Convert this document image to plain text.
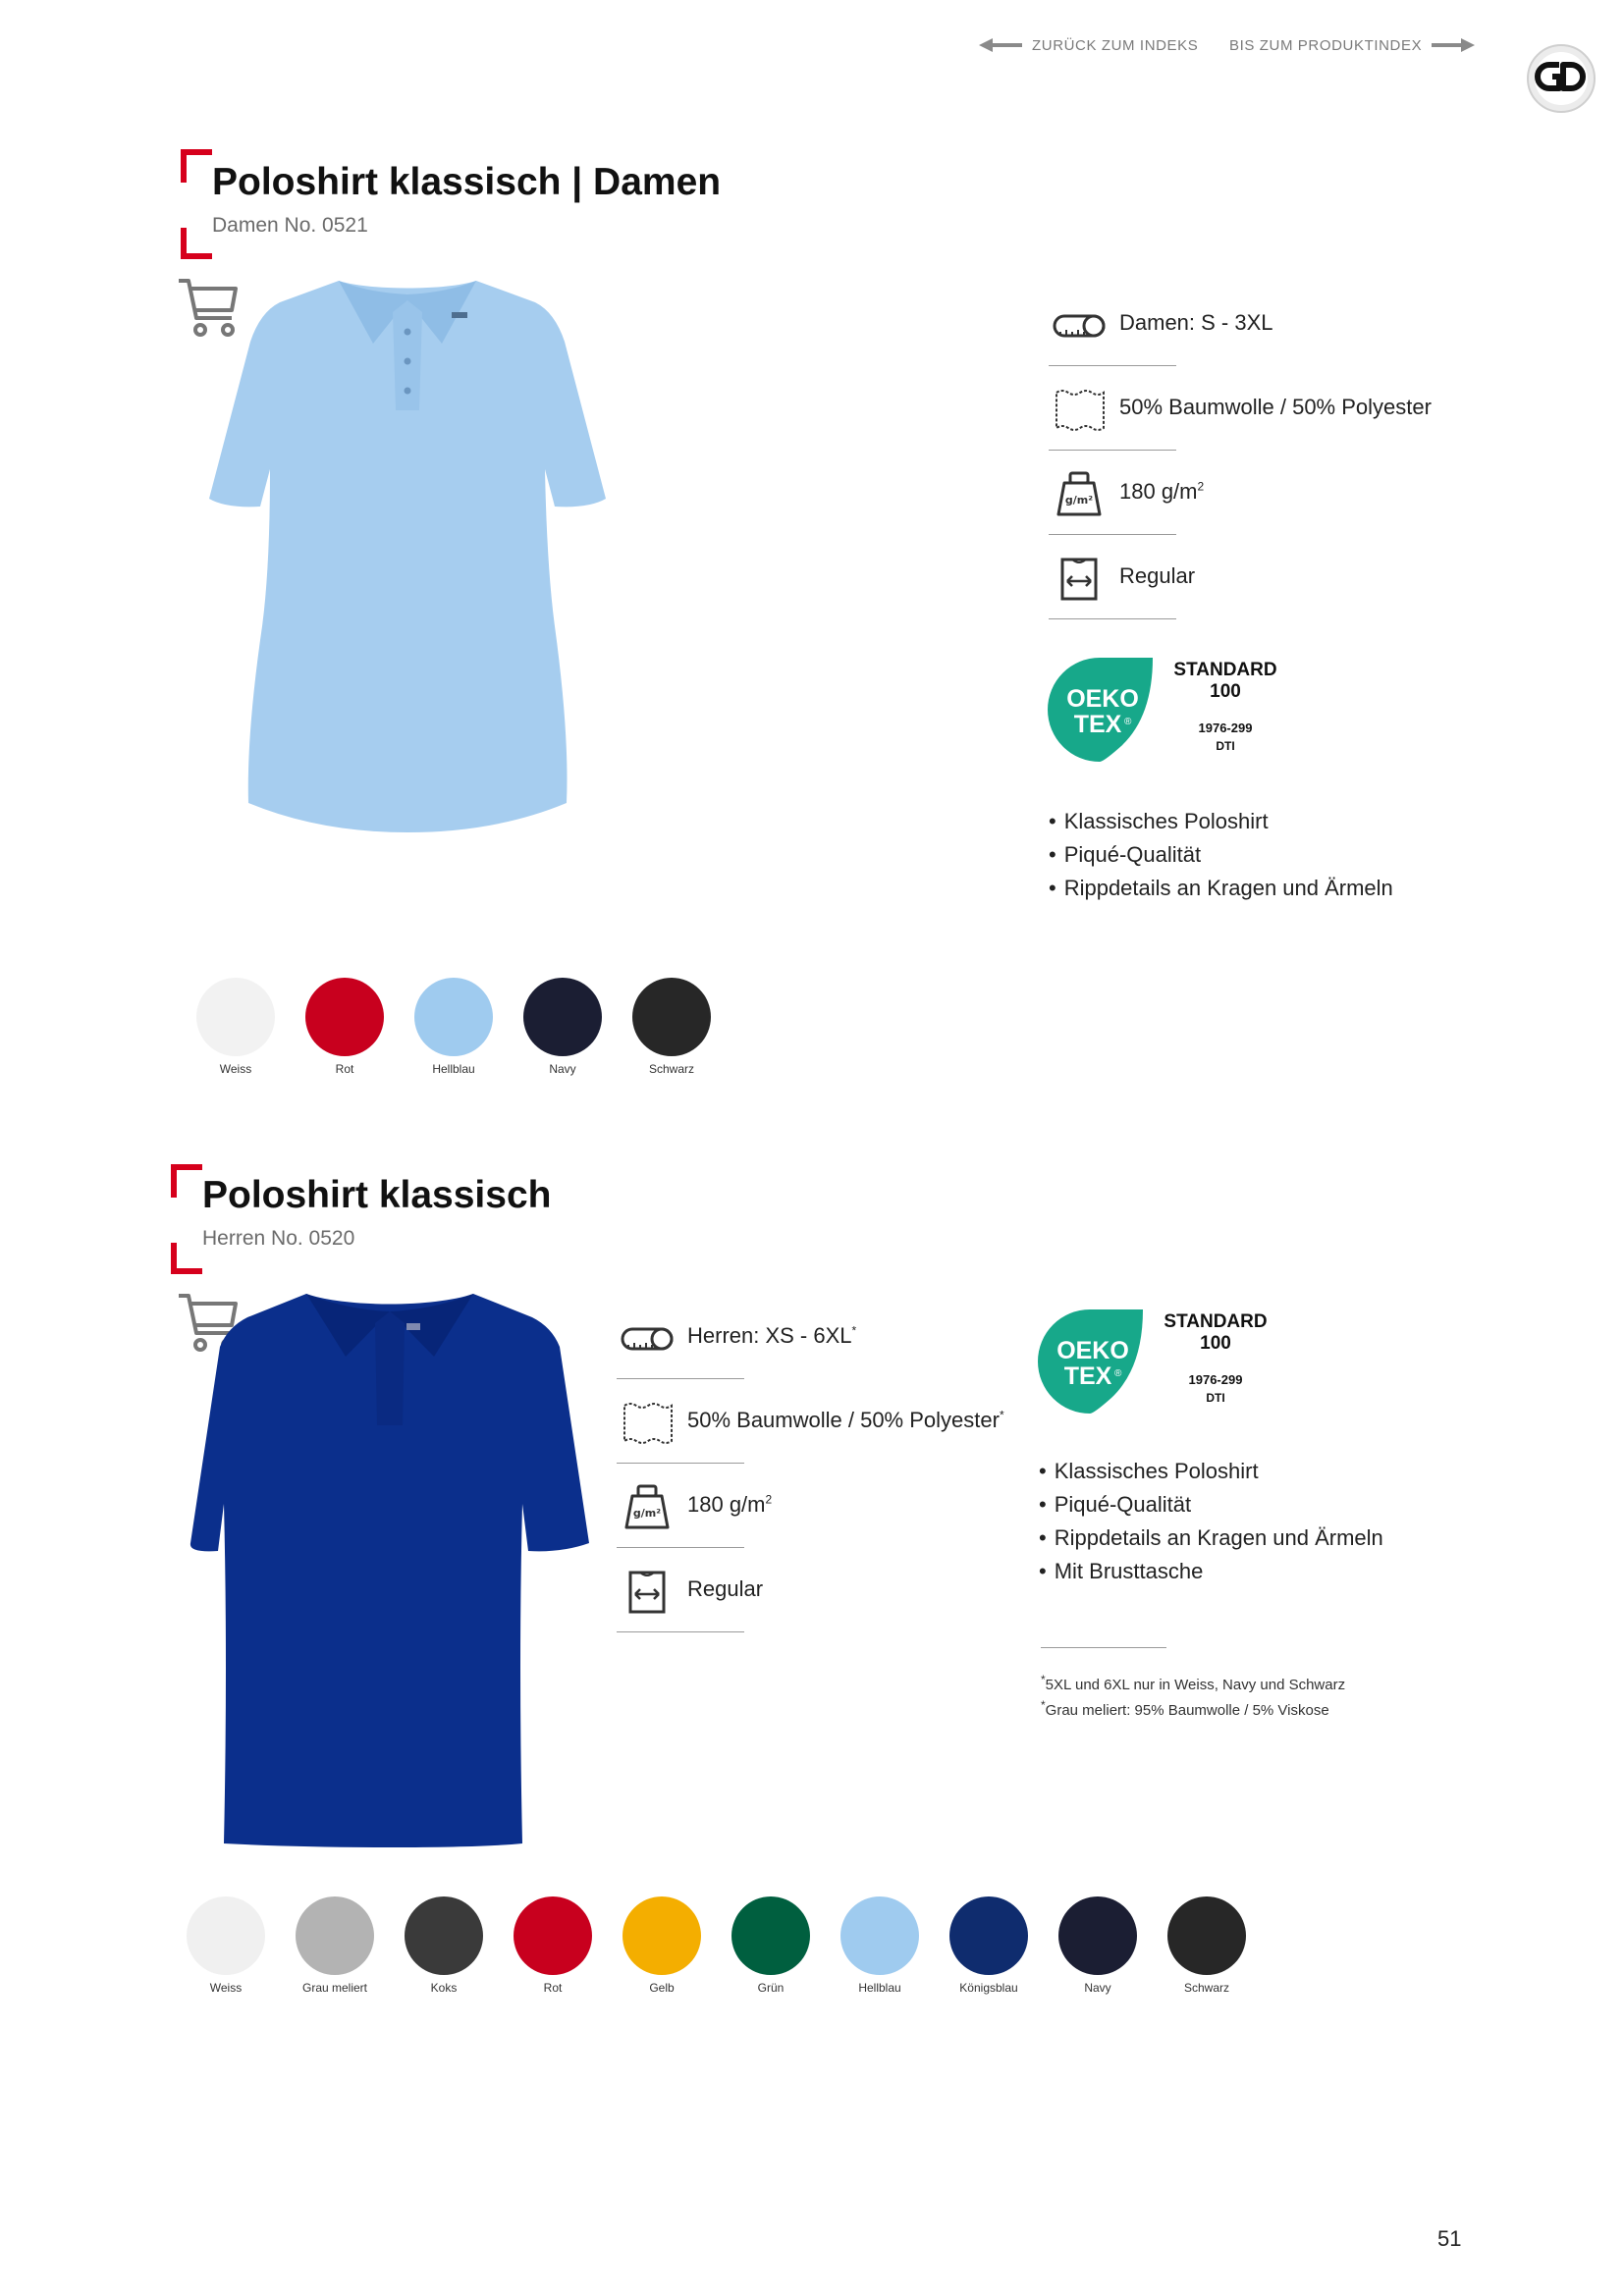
ZURÜCK ZUM INDEKS BIS ZUM PRODUKTINDEX
Poloshirt klassisch | Damen
Damen No. 0521
Damen: S - 3XL
50% Baumwolle / 50% Polyester
g/m² 180 $g/m^2$
Regular
OEKO
TEX ®
STANDARD
100
1976-299
DTI
• Klassisches Poloshirt
• Piqué-Qualität
• Rippdetails an Kragen und Ärmeln
Weiss	Rot	Hellblau	Navy	Schwarz
Poloshirt klassisch
Herren No. 0520
Herren: XS - 6XL*
50% Baumwolle / 50% Polyester*
g/m² 180 $g/m^2$
Regular
OEKO
TEX ®
STANDARD
100
1976-299
DTI
• Klassisches Poloshirt
• Piqué-Qualität
• Rippdetails an Kragen und Ärmeln
• Mit Brusttasche
*5XL und 6XL nur in Weiss, Navy und Schwarz
*Grau meliert: 95% Baumwolle / 5% Viskose
Weiss	Grau meliert	Koks	Rot	Gelb	Grün	Hellblau	Königsblau	Navy	Schwarz
51
